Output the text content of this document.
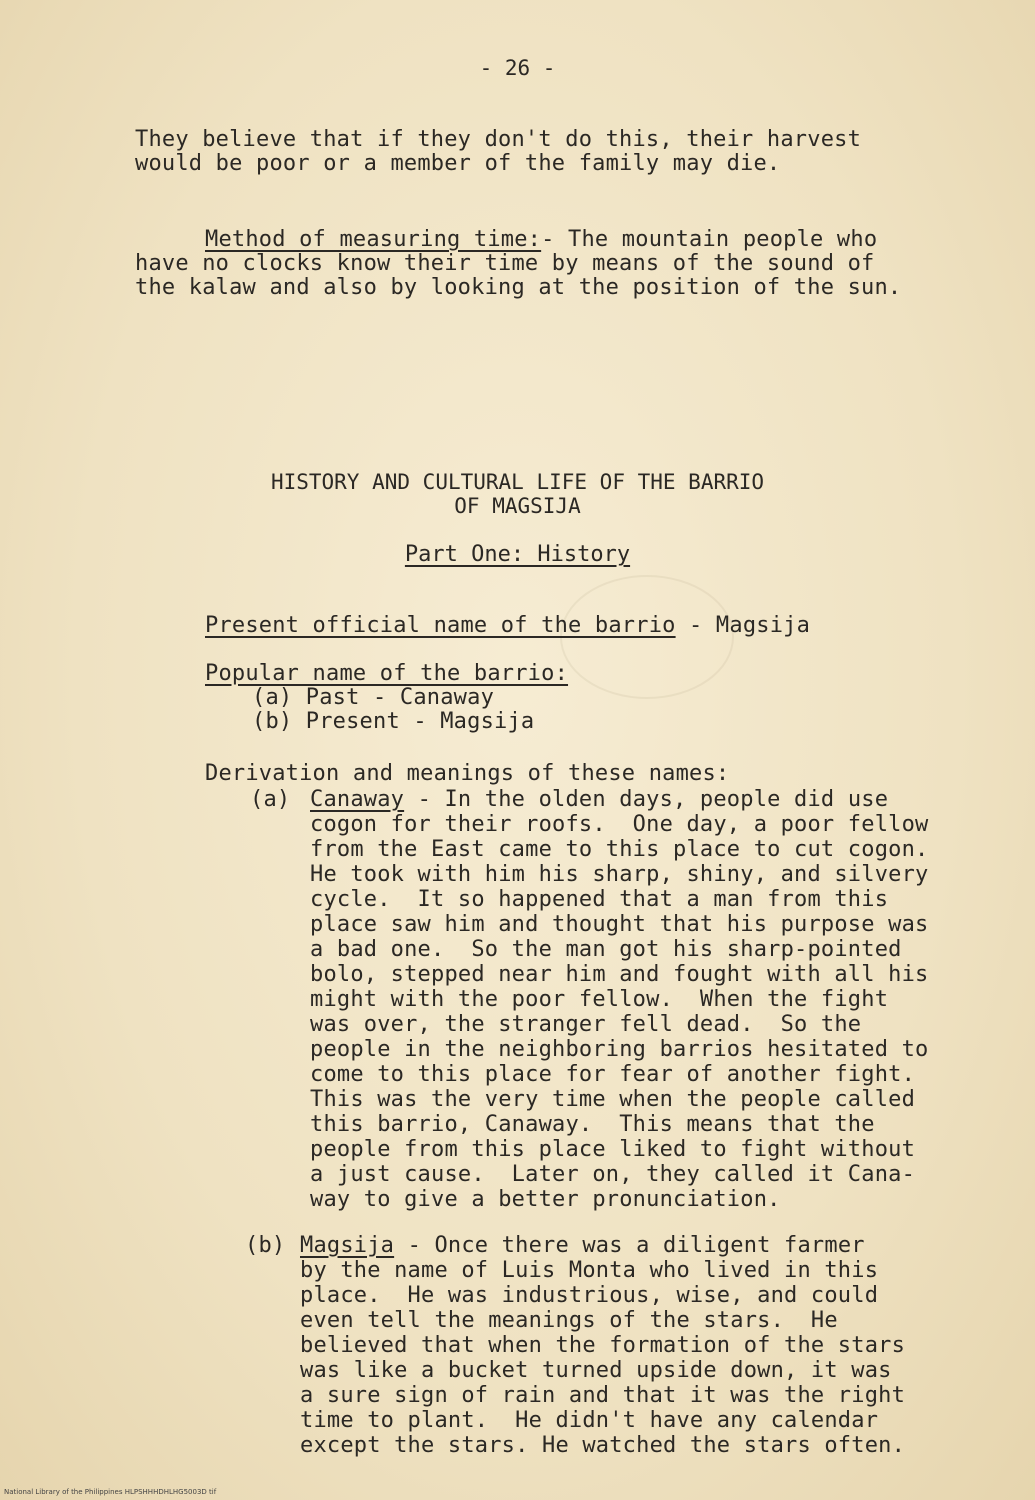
- 26 -
They believe that if they don't do this, their harvest
would be poor or a member of the family may die.
Method of measuring time:- The mountain people who
have no clocks know their time by means of the sound of
the kalaw and also by looking at the position of the sun.
HISTORY AND CULTURAL LIFE OF THE BARRIO
OF MAGSIJA
Part One: History
Present official name of the barrio - Magsija
Popular name of the barrio:
(a) Past - Canaway
(b) Present - Magsija
Derivation and meanings of these names:
(a) Canaway - In the olden days, people did use
cogon for their roofs.  One day, a poor fellow
from the East came to this place to cut cogon.
He took with him his sharp, shiny, and silvery
cycle.  It so happened that a man from this
place saw him and thought that his purpose was
a bad one.  So the man got his sharp-pointed
bolo, stepped near him and fought with all his
might with the poor fellow.  When the fight
was over, the stranger fell dead.  So the
people in the neighboring barrios hesitated to
come to this place for fear of another fight.
This was the very time when the people called
this barrio, Canaway.  This means that the
people from this place liked to fight without
a just cause.  Later on, they called it Cana-
way to give a better pronunciation.
(b) Magsija - Once there was a diligent farmer
by the name of Luis Monta who lived in this
place.  He was industrious, wise, and could
even tell the meanings of the stars.  He
believed that when the formation of the stars
was like a bucket turned upside down, it was
a sure sign of rain and that it was the right
time to plant.  He didn't have any calendar
except the stars. He watched the stars often.
National Library of the Philippines HLPSHHHDHLHG5003D tif
